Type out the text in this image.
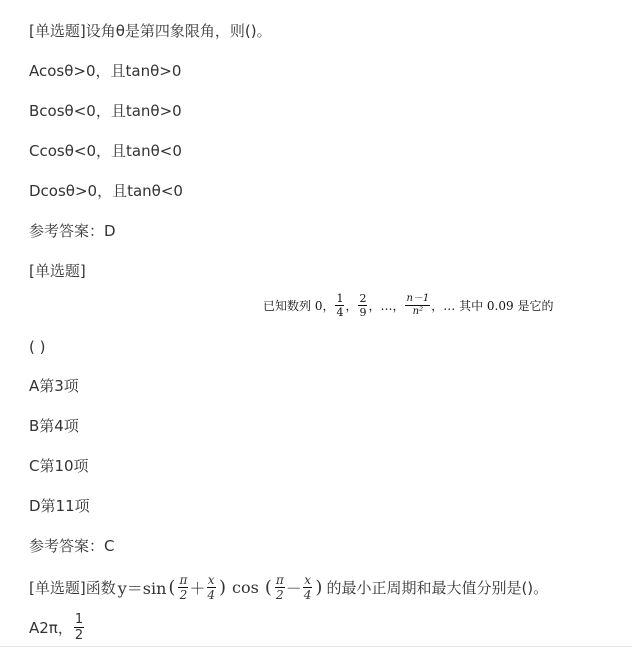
[单选题]设角θ是第四象限角，则()。
Acosθ>0，且tanθ>0
Bcosθ<0，且tanθ>0
Ccosθ<0，且tanθ<0
Dcosθ>0，且tanθ<0
参考答案：D
[单选题]
已知数列 0， $\frac{1}{4}$ ， $\frac{2}{9}$ ，…， $\frac{n-1}{\text{n²}}$ ，… 其中 0.09 是它的
( )
A第3项
B第4项
C第10项
D第11项
参考答案：C
[单选题]函数 y＝sin ( $\frac{\pi}{2} + \frac{x}{4}$ ) cos ( $\frac{\pi}{2} - \frac{x}{4}$ ) 的最小正周期和最大值分别是()。
A2π， $\frac{1}{2}$
